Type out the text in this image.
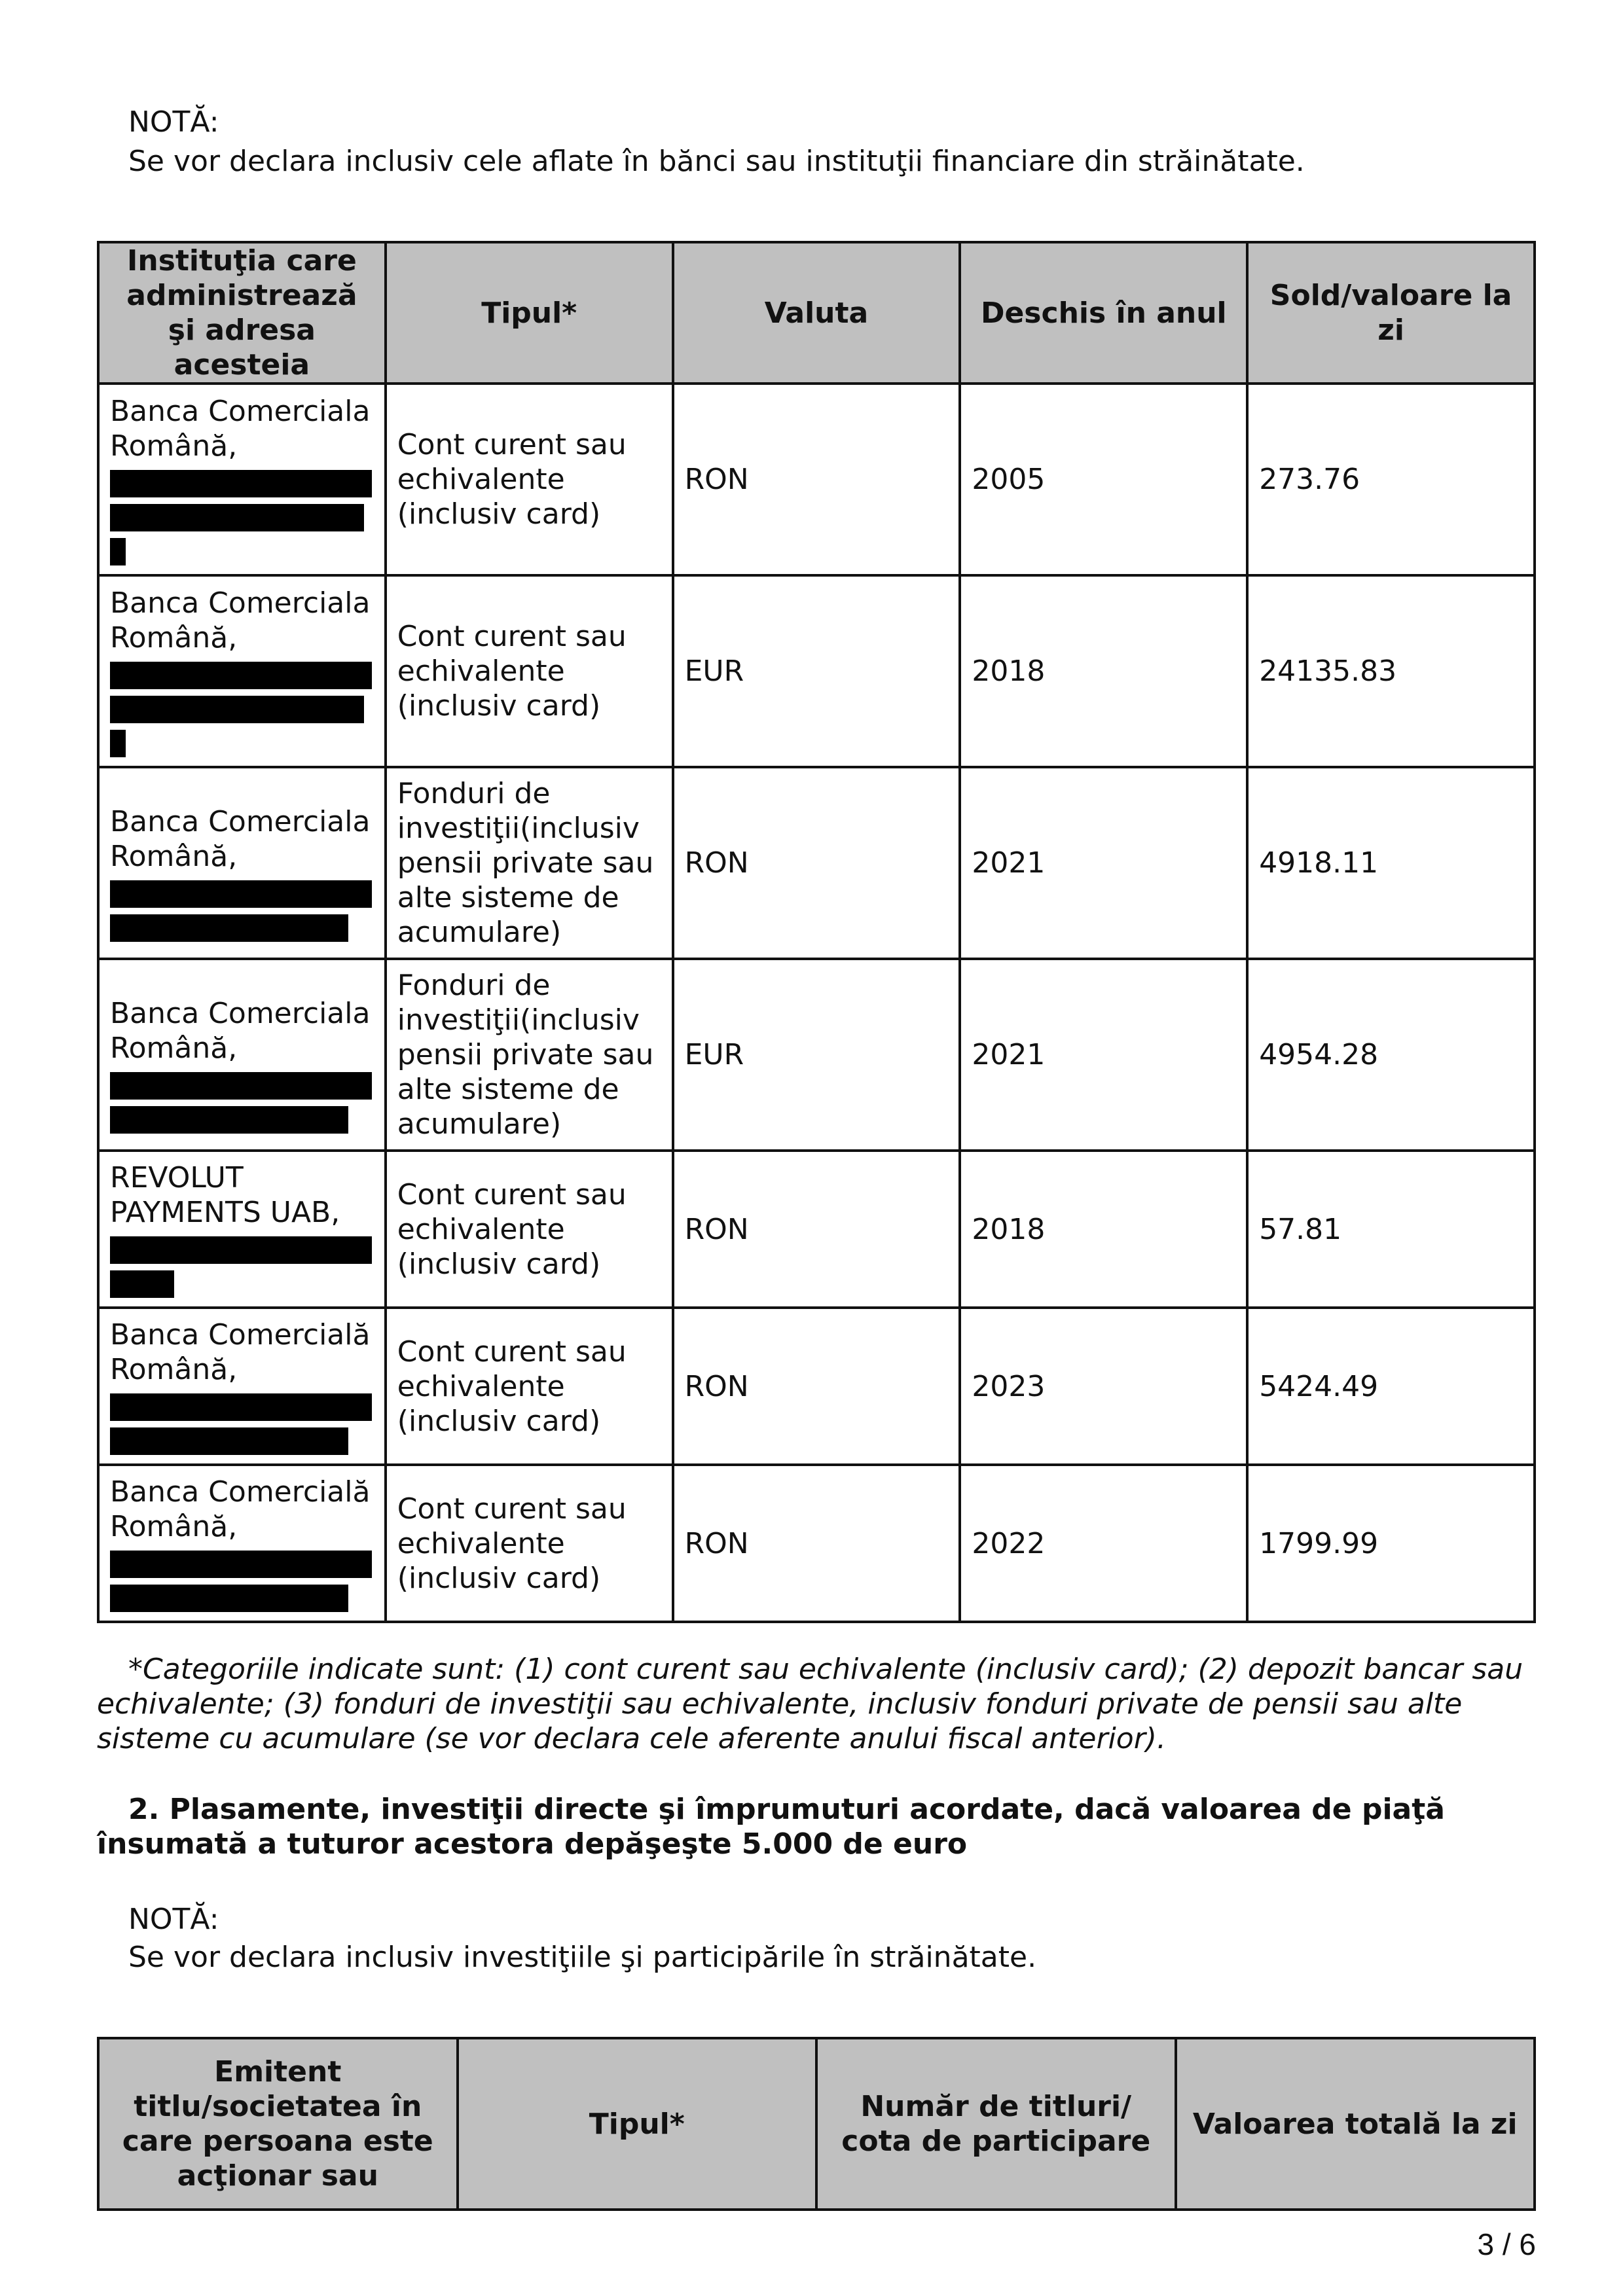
NOTĂ:
Se vor declara inclusiv cele aflate în bănci sau instituţii financiare din străinătate.
Instituţia care administrează şi adresa acesteia	Tipul*	Valuta	Deschis în anul	Sold/valoare la zi
Banca Comerciala Română,	Cont curent sau echivalente (inclusiv card)	RON	2005	273.76
Banca Comerciala Română,	Cont curent sau echivalente (inclusiv card)	EUR	2018	24135.83
Banca Comerciala Română,	Fonduri de investiţii(inclusiv pensii private sau alte sisteme de acumulare)	RON	2021	4918.11
Banca Comerciala Română,	Fonduri de investiţii(inclusiv pensii private sau alte sisteme de acumulare)	EUR	2021	4954.28
REVOLUT PAYMENTS UAB,	Cont curent sau echivalente (inclusiv card)	RON	2018	57.81
Banca Comercială Română,	Cont curent sau echivalente (inclusiv card)	RON	2023	5424.49
Banca Comercială Română,	Cont curent sau echivalente (inclusiv card)	RON	2022	1799.99
*Categoriile indicate sunt: (1) cont curent sau echivalente (inclusiv card); (2) depozit bancar sau echivalente; (3) fonduri de investiţii sau echivalente, inclusiv fonduri private de pensii sau alte sisteme cu acumulare (se vor declara cele aferente anului fiscal anterior).
2. Plasamente, investiţii directe şi împrumuturi acordate, dacă valoarea de piaţă însumată a tuturor acestora depăşeşte 5.000 de euro
NOTĂ:
Se vor declara inclusiv investiţiile şi participările în străinătate.
Emitent titlu/societatea în care persoana este acţionar sau	Tipul*	Număr de titluri/ cota de participare	Valoarea totală la zi
3 / 6
